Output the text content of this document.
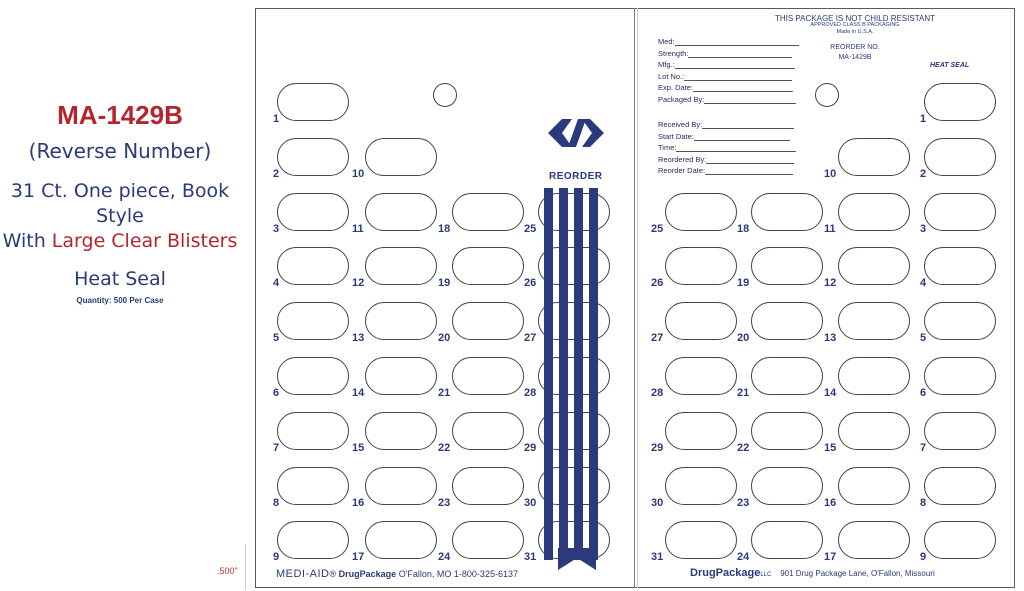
MA-1429B
(Reverse Number)
31 Ct. One piece, Book Style
With Large Clear Blisters
Heat Seal
Quantity: 500 Per Case
.500"
1
2
3
4
5
6
7
8
9
10
11
12
13
14
15
16
17
18
19
20
21
22
23
24
25
26
27
28
29
30
31
25
26
27
28
29
30
31
18
19
20
21
22
23
24
10
11
12
13
14
15
16
17
1
2
3
4
5
6
7
8
9
REORDER
THIS PACKAGE IS NOT CHILD RESISTANT
APPROVED CLASS B PACKAGING
Made in U.S.A.
REORDER NO.
MA-1429B
HEAT SEAL
Med:
Strength:
Mfg.:
Lot No.:
Exp. Date:
Packaged By:
Received By:
Start Date:
Time:
Reordered By:
Reorder Date:
MEDI-AID® DrugPackage O'Fallon, MO 1-800-325-6137	DrugPackageLLC 901 Drug Package Lane, O'Fallon, Missouri
